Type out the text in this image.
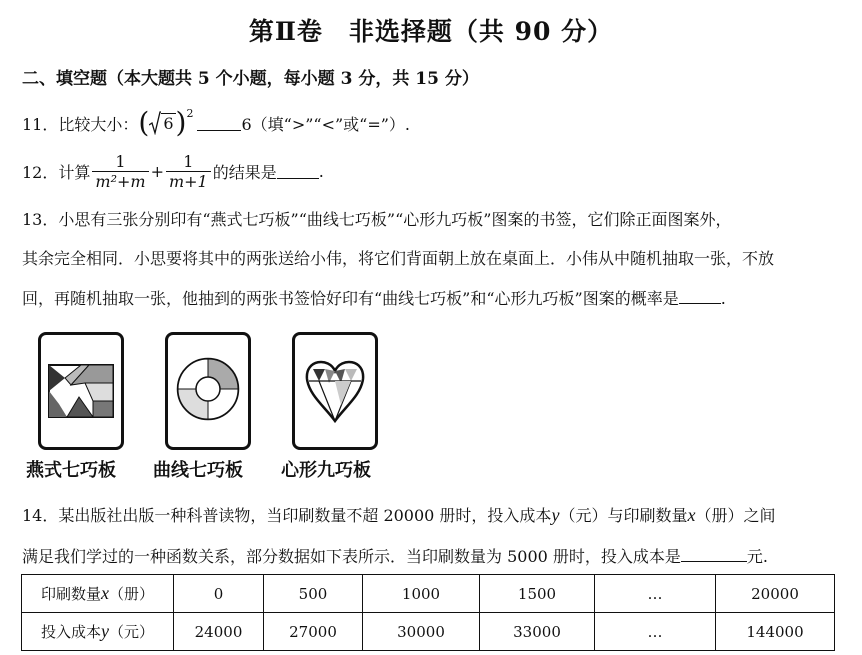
第Ⅱ卷　非选择题（共 90 分）
二、填空题（本大题共 5 个小题，每小题 3 分，共 15 分）
11． 比较大小： ( 6 )$^2$
6（填“>”“<”或“=”）.
12． 计算 $\frac{1}{\text{m²+m}} + \frac{1}{m+1}$ 的结果是	.
13．小思有三张分别印有“燕式七巧板”“曲线七巧板”“心形九巧板”图案的书签，它们除正面图案外，
其余完全相同．小思要将其中的两张送给小伟，将它们背面朝上放在桌面上．小伟从中随机抽取一张，不放
回，再随机抽取一张，他抽到的两张书签恰好印有“曲线七巧板”和“心形九巧板”图案的概率是	.
燕式七巧板 曲线七巧板 心形九巧板
14．某出版社出版一种科普读物，当印刷数量不超 20000 册时，投入成本y（元）与印刷数量x（册）之间
满足我们学过的一种函数关系，部分数据如下表所示．当印刷数量为 5000 册时，投入成本是	元.
印刷数量x（册）	0	500	1000	1500	…	20000
投入成本y（元）	24000	27000	30000	33000	…	144000
